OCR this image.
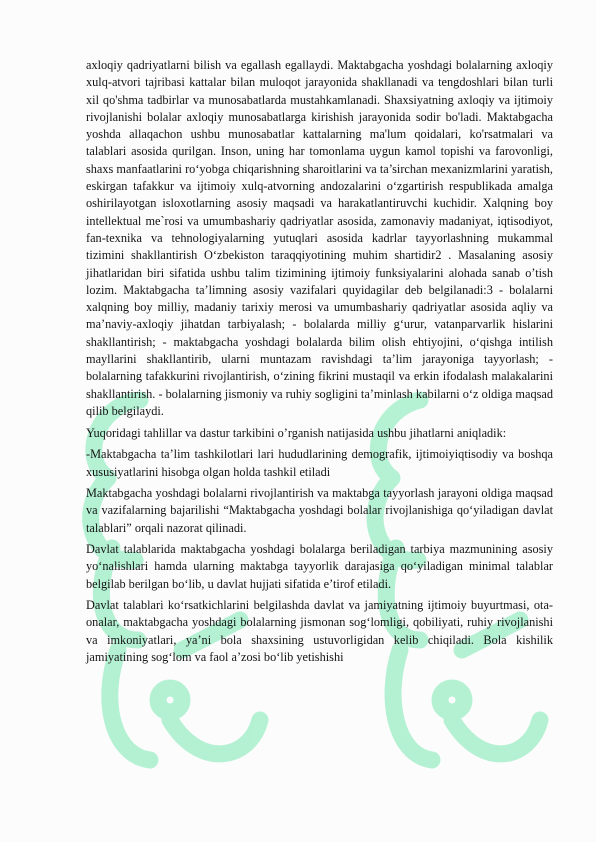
axloqiy qadriyatlarni bilish va egallash egallaydi. Maktabgacha yoshdagi bolalarning axloqiy xulq-atvori tajribasi kattalar bilan muloqot jarayonida shakllanadi va tengdoshlari bilan turli xil qo'shma tadbirlar va munosabatlarda mustahkamlanadi. Shaxsiyatning axloqiy va ijtimoiy rivojlanishi bolalar axloqiy munosabatlarga kirishish jarayonida sodir bo'ladi. Maktabgacha yoshda allaqachon ushbu munosabatlar kattalarning ma'lum qoidalari, ko'rsatmalari va talablari asosida qurilgan. Inson, uning har tomonlama uygun kamol topishi va farovonligi, shaxs manfaatlarini ro‘yobga chiqarishning sharoitlarini va ta’sirchan mexanizmlarini yaratish, eskirgan tafakkur va ijtimoiy xulq-atvorning andozalarini o‘zgartirish respublikada amalga oshirilayotgan isloxotlarning asosiy maqsadi va harakatlantiruvchi kuchidir. Xalqning boy intellektual me`rosi va umumbashariy qadriyatlar asosida, zamonaviy madaniyat, iqtisodiyot, fan-texnika va tehnologiyalarning yutuqlari asosida kadrlar tayyorlashning mukammal tizimini shakllantirish O‘zbekiston taraqqiyotining muhim shartidir2 . Masalaning asosiy jihatlaridan biri sifatida ushbu talim tizimining ijtimoiy funksiyalarini alohada sanab o’tish lozim. Maktabgacha ta’limning asosiy vazifalari quyidagilar deb belgilanadi:3 - bolalarni xalqning boy milliy, madaniy tarixiy merosi va umumbashariy qadriyatlar asosida aqliy va ma’naviy-axloqiy jihatdan tarbiyalash; - bolalarda milliy g‘urur, vatanparvarlik hislarini shakllantirish; - maktabgacha yoshdagi bolalarda bilim olish ehtiyojini, o‘qishga intilish mayllarini shakllantirib, ularni muntazam ravishdagi ta’lim jarayoniga tayyorlash; - bolalarning tafakkurini rivojlantirish, o‘zining fikrini mustaqil va erkin ifodalash malakalarini shakllantirish. - bolalarning jismoniy va ruhiy sogligini ta’minlash kabilarni o‘z oldiga maqsad qilib belgilaydi.

Yuqoridagi tahlillar va dastur tarkibini o’rganish natijasida ushbu jihatlarni aniqladik:

-Maktabgacha ta’lim tashkilotlari lari hududlarining demografik, ijtimoiyiqtisodiy va boshqa xususiyatlarini hisobga olgan holda tashkil etiladi

Maktabgacha yoshdagi bolalarni rivojlantirish va maktabga tayyorlash jarayoni oldiga maqsad va vazifalarning bajarilishi “Maktabgacha yoshdagi bolalar rivojlanishiga qo‘yiladigan davlat talablari” orqali nazorat qilinadi.

Davlat talablarida maktabgacha yoshdagi bolalarga beriladigan tarbiya mazmunining asosiy yo‘nalishlari hamda ularning maktabga tayyorlik darajasiga qo‘yiladigan minimal talablar belgilab berilgan bo‘lib, u davlat hujjati sifatida e’tirof etiladi.

Davlat talablari ko‘rsatkichlarini belgilashda davlat va jamiyatning ijtimoiy buyurtmasi, ota-onalar, maktabgacha yoshdagi bolalarning jismonan sog‘lomligi, qobiliyati, ruhiy rivojlanishi va imkoniyatlari, ya’ni bola shaxsining ustuvorligidan kelib chiqiladi. Bola kishilik jamiyatining sog‘lom va faol a’zosi bo‘lib yetishishi
